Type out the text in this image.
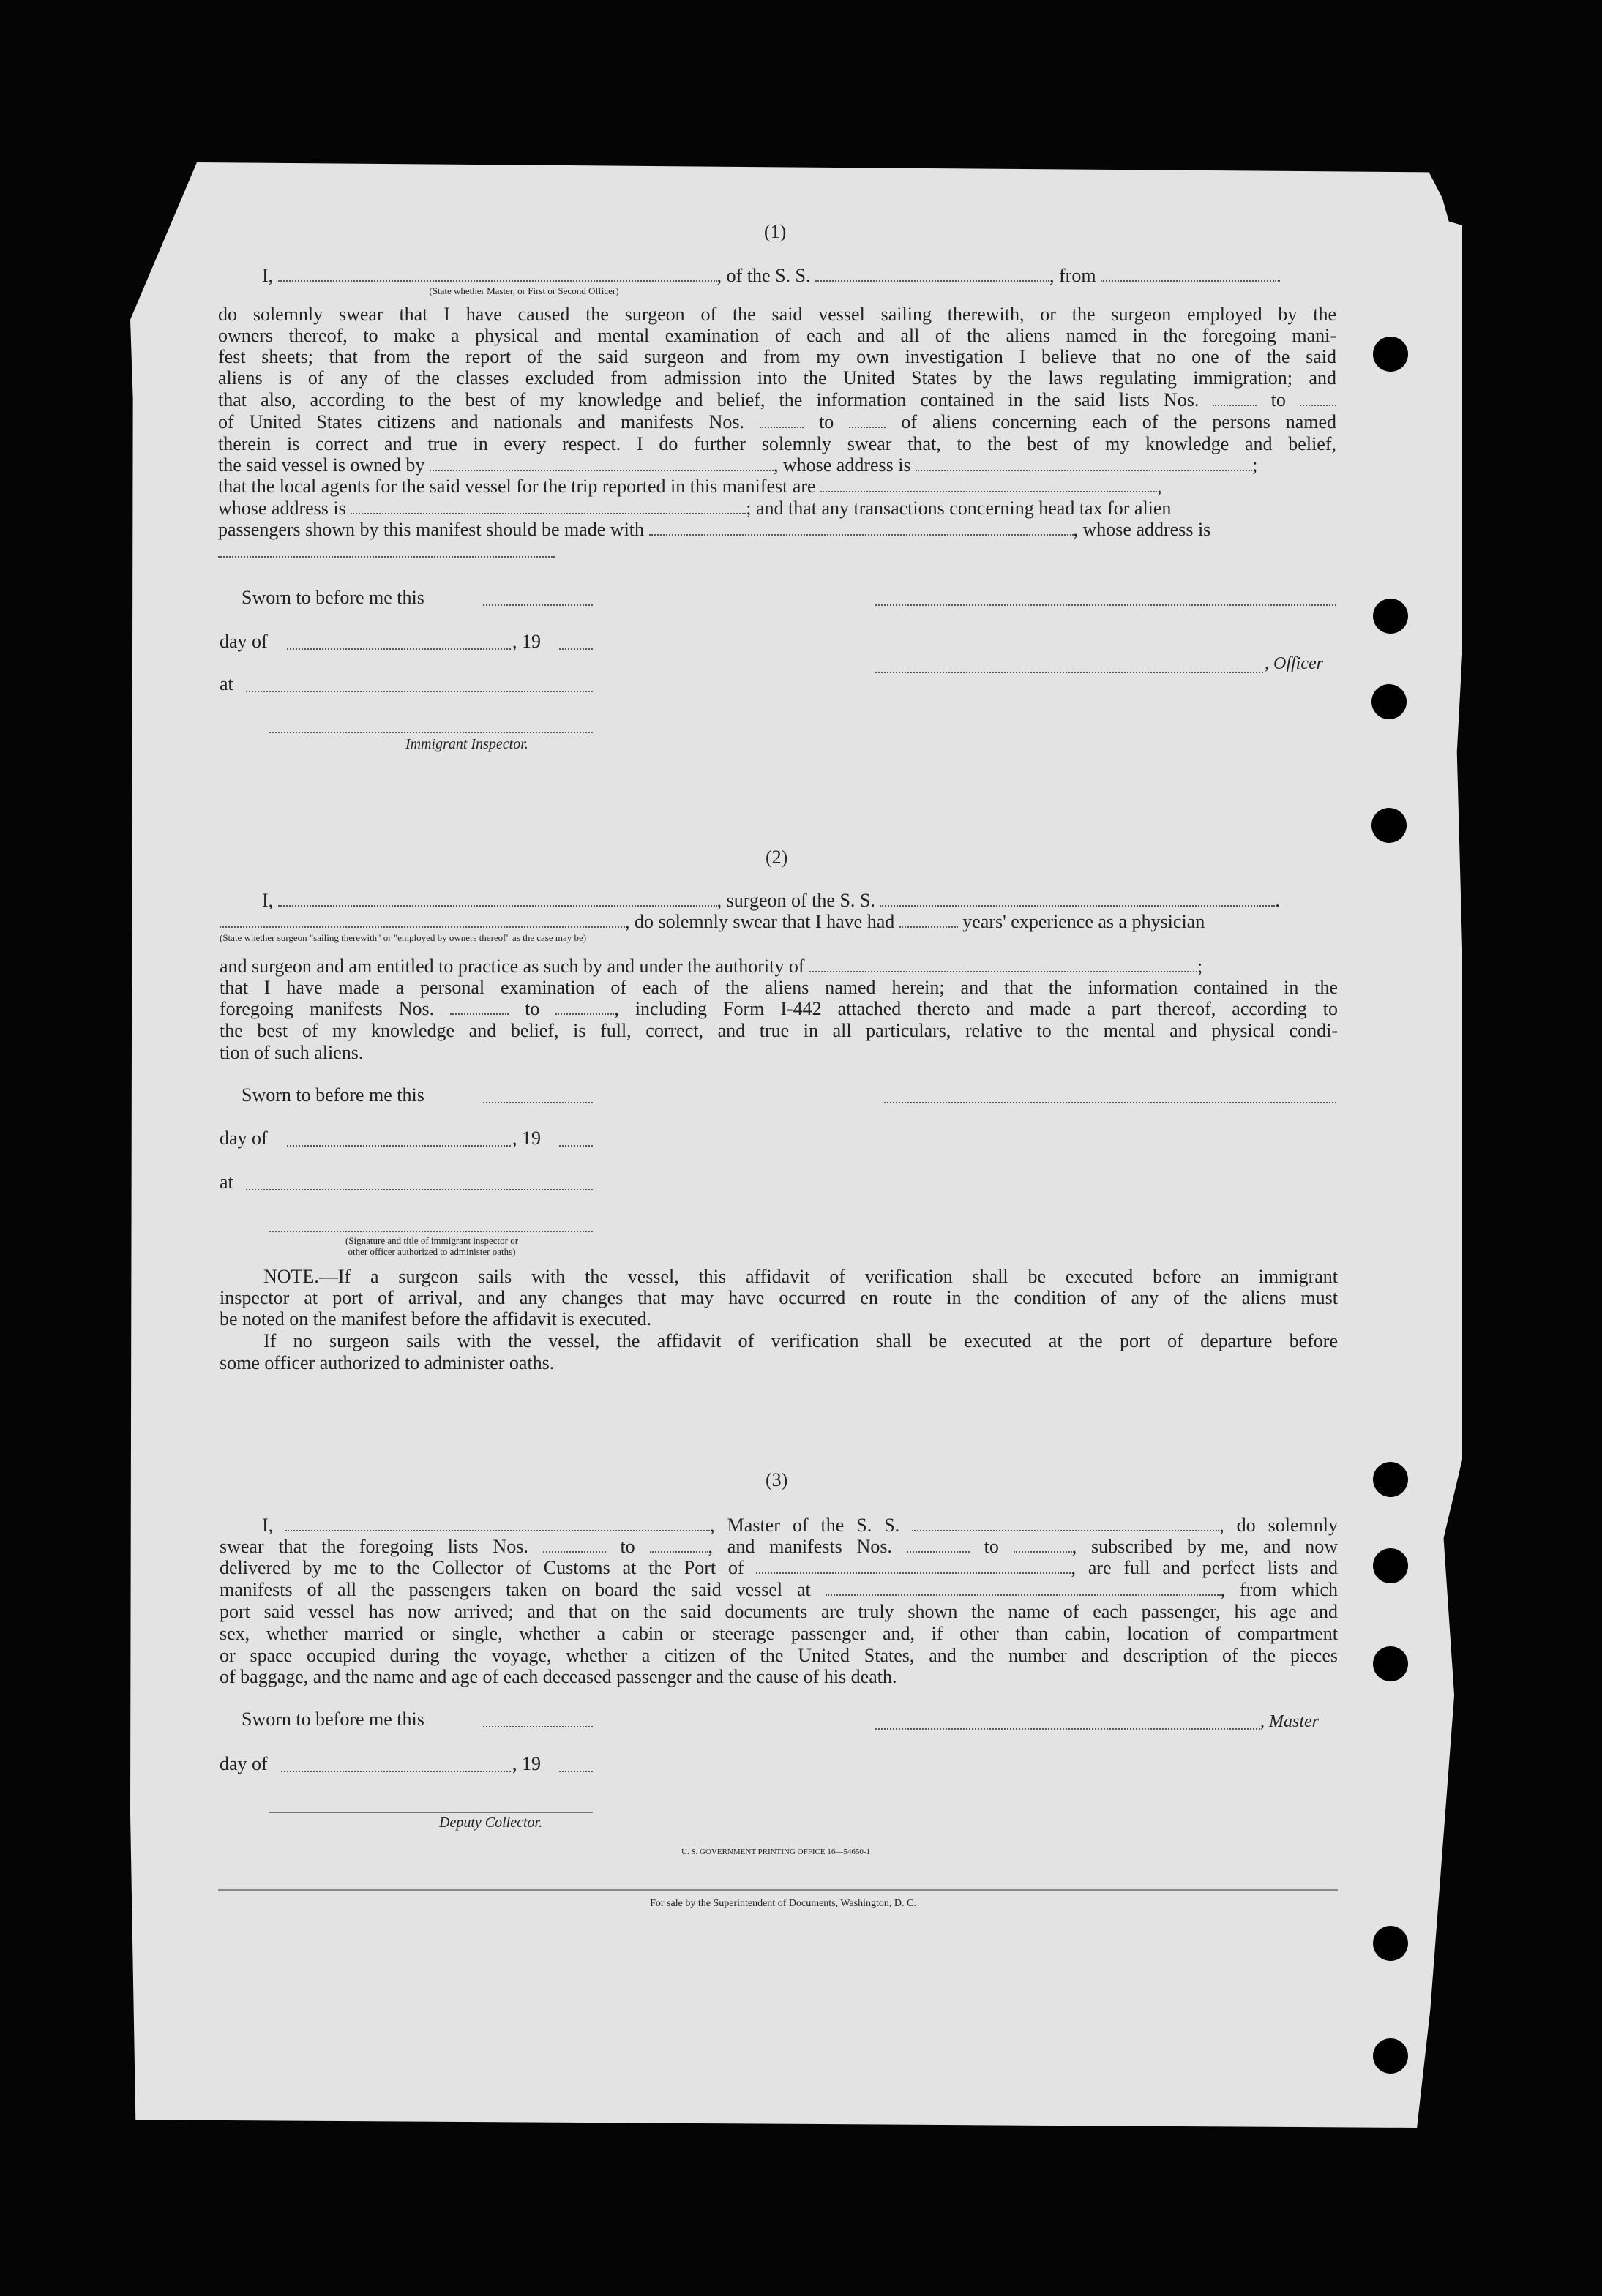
(1)
I,	, of the S. S.	, from	.
(State whether Master, or First or Second Officer)
do solemnly swear that I have caused the surgeon of the said vessel sailing therewith, or the surgeon employed by the
owners thereof, to make a physical and mental examination of each and all of the aliens named in the foregoing mani-
fest sheets; that from the report of the said surgeon and from my own investigation I believe that no one of the said
aliens is of any of the classes excluded from admission into the United States by the laws regulating immigration; and
that also, according to the best of my knowledge and belief, the information contained in the said lists Nos.	to
of United States citizens and nationals and manifests Nos.	to	of aliens concerning each of the persons named
therein is correct and true in every respect. I do further solemnly swear that, to the best of my knowledge and belief,
the said vessel is owned by	, whose address is	;
that the local agents for the said vessel for the trip reported in this manifest are	,
whose address is	; and that any transactions concerning head tax for alien
passengers shown by this manifest should be made with	, whose address is
Sworn to before me this
day of	, 19
at
, Officer
Immigrant Inspector.
(2)
I,	, surgeon of the S. S.	.
, do solemnly swear that I have had	years' experience as a physician
(State whether surgeon "sailing therewith" or "employed by owners thereof" as the case may be)
and surgeon and am entitled to practice as such by and under the authority of	;
that I have made a personal examination of each of the aliens named herein; and that the information contained in the
foregoing manifests Nos.	to	, including Form I-442 attached thereto and made a part thereof, according to
the best of my knowledge and belief, is full, correct, and true in all particulars, relative to the mental and physical condi-
tion of such aliens.
Sworn to before me this
day of	, 19
at
(Signature and title of immigrant inspector or
other officer authorized to administer oaths)
NOTE.—If a surgeon sails with the vessel, this affidavit of verification shall be executed before an immigrant
inspector at port of arrival, and any changes that may have occurred en route in the condition of any of the aliens must
be noted on the manifest before the affidavit is executed.
If no surgeon sails with the vessel, the affidavit of verification shall be executed at the port of departure before
some officer authorized to administer oaths.
(3)
I,	, Master of the S. S.	, do solemnly
swear that the foregoing lists Nos.	to	, and manifests Nos.	to	, subscribed by me, and now
delivered by me to the Collector of Customs at the Port of	, are full and perfect lists and
manifests of all the passengers taken on board the said vessel at	, from which
port said vessel has now arrived; and that on the said documents are truly shown the name of each passenger, his age and
sex, whether married or single, whether a cabin or steerage passenger and, if other than cabin, location of compartment
or space occupied during the voyage, whether a citizen of the United States, and the number and description of the pieces
of baggage, and the name and age of each deceased passenger and the cause of his death.
Sworn to before me this	, Master
day of	, 19
Deputy Collector.
U. S. GOVERNMENT PRINTING OFFICE 16—54650-1
For sale by the Superintendent of Documents, Washington, D. C.
